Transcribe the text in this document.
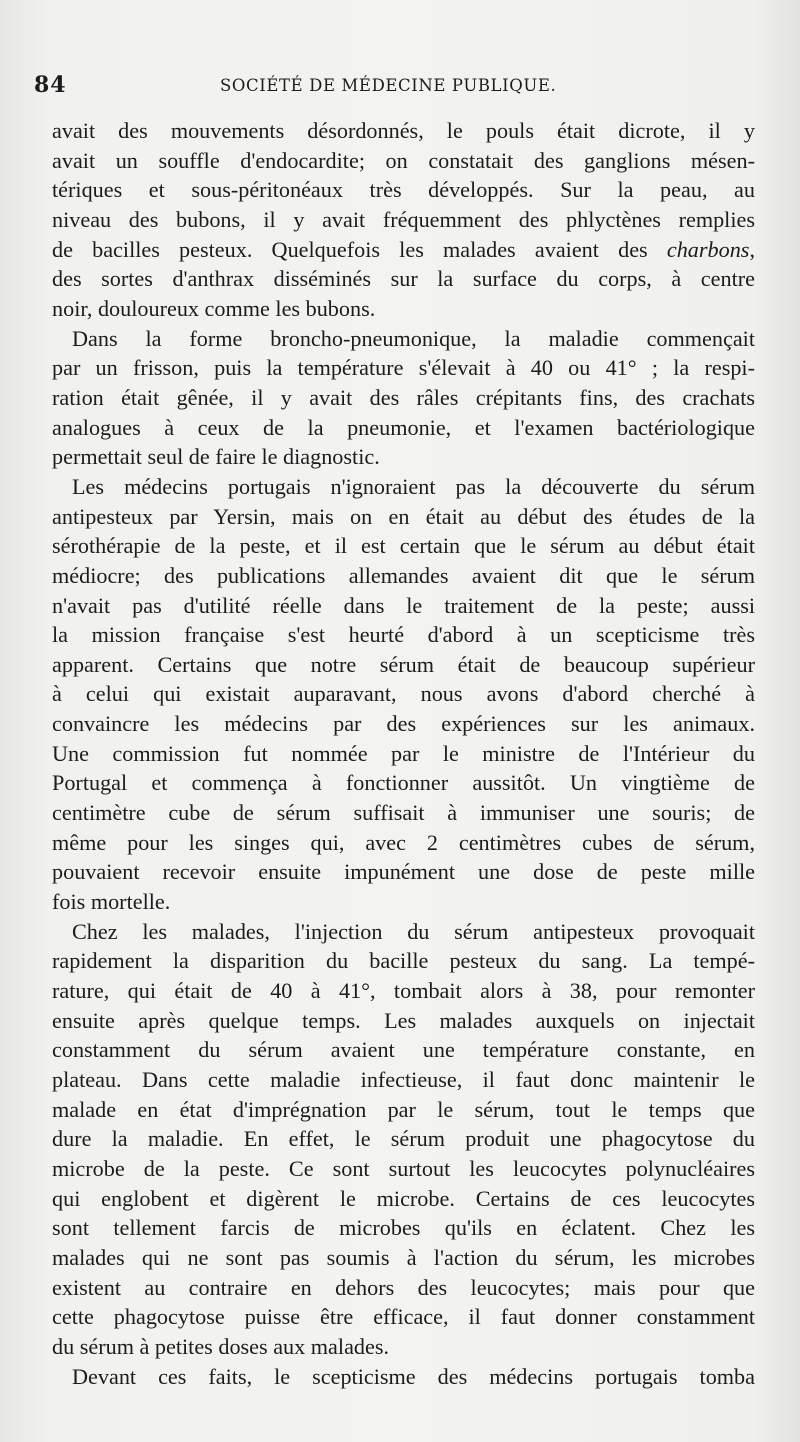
84	SOCIÉTÉ DE MÉDECINE PUBLIQUE.
avait des mouvements désordonnés, le pouls était dicrote, il y
avait un souffle d'endocardite; on constatait des ganglions mésen-
tériques et sous-péritonéaux très développés. Sur la peau, au
niveau des bubons, il y avait fréquemment des phlyctènes remplies
de bacilles pesteux. Quelquefois les malades avaient des charbons,
des sortes d'anthrax disséminés sur la surface du corps, à centre
noir, douloureux comme les bubons.
Dans la forme broncho-pneumonique, la maladie commençait
par un frisson, puis la température s'élevait à 40 ou 41° ; la respi-
ration était gênée, il y avait des râles crépitants fins, des crachats
analogues à ceux de la pneumonie, et l'examen bactériologique
permettait seul de faire le diagnostic.
Les médecins portugais n'ignoraient pas la découverte du sérum
antipesteux par Yersin, mais on en était au début des études de la
sérothérapie de la peste, et il est certain que le sérum au début était
médiocre; des publications allemandes avaient dit que le sérum
n'avait pas d'utilité réelle dans le traitement de la peste; aussi
la mission française s'est heurté d'abord à un scepticisme très
apparent. Certains que notre sérum était de beaucoup supérieur
à celui qui existait auparavant, nous avons d'abord cherché à
convaincre les médecins par des expériences sur les animaux.
Une commission fut nommée par le ministre de l'Intérieur du
Portugal et commença à fonctionner aussitôt. Un vingtième de
centimètre cube de sérum suffisait à immuniser une souris; de
même pour les singes qui, avec 2 centimètres cubes de sérum,
pouvaient recevoir ensuite impunément une dose de peste mille
fois mortelle.
Chez les malades, l'injection du sérum antipesteux provoquait
rapidement la disparition du bacille pesteux du sang. La tempé-
rature, qui était de 40 à 41°, tombait alors à 38, pour remonter
ensuite après quelque temps. Les malades auxquels on injectait
constamment du sérum avaient une température constante, en
plateau. Dans cette maladie infectieuse, il faut donc maintenir le
malade en état d'imprégnation par le sérum, tout le temps que
dure la maladie. En effet, le sérum produit une phagocytose du
microbe de la peste. Ce sont surtout les leucocytes polynucléaires
qui englobent et digèrent le microbe. Certains de ces leucocytes
sont tellement farcis de microbes qu'ils en éclatent. Chez les
malades qui ne sont pas soumis à l'action du sérum, les microbes
existent au contraire en dehors des leucocytes; mais pour que
cette phagocytose puisse être efficace, il faut donner constamment
du sérum à petites doses aux malades.
Devant ces faits, le scepticisme des médecins portugais tomba
